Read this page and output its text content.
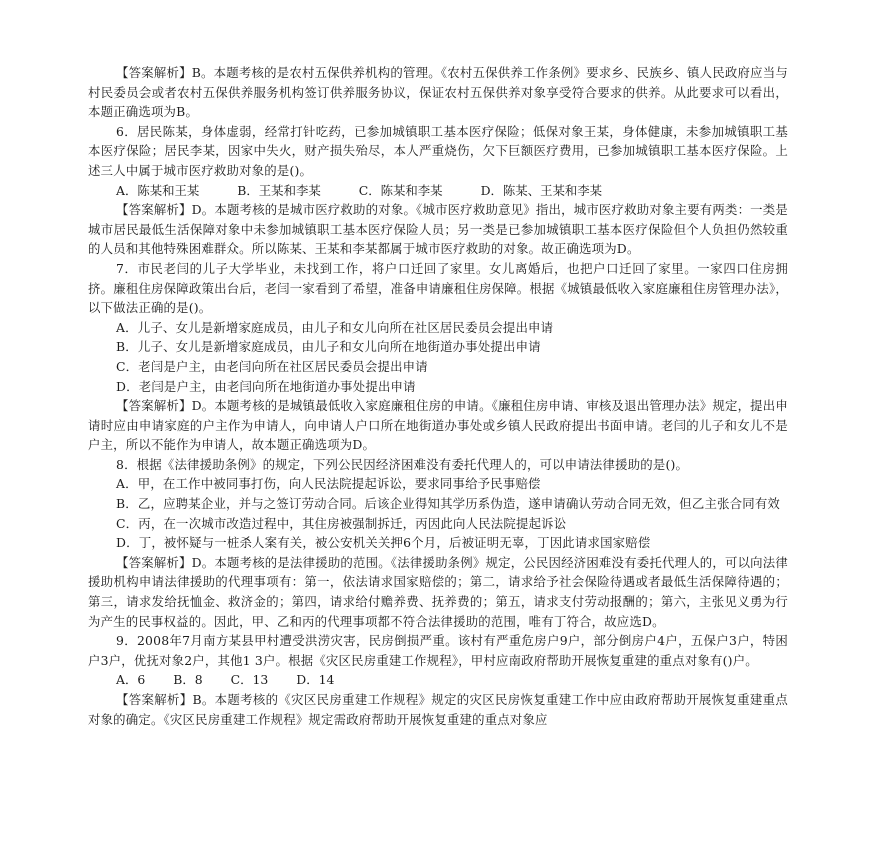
【答案解析】B。本题考核的是农村五保供养机构的管理。《农村五保供养工作条例》要求乡、民族乡、镇人民政府应当与村民委员会或者农村五保供养服务机构签订供养服务协议，保证农村五保供养对象享受符合要求的供养。从此要求可以看出，本题正确选项为B。

6．居民陈某，身体虚弱，经常打针吃药，已参加城镇职工基本医疗保险；低保对象王某，身体健康，未参加城镇职工基本医疗保险；居民李某，因家中失火，财产损失殆尽，本人严重烧伤，欠下巨额医疗费用，已参加城镇职工基本医疗保险。上述三人中属于城市医疗救助对象的是()。

A．陈某和王某	B．王某和李某	C．陈某和李某	D．陈某、王某和李某

【答案解析】D。本题考核的是城市医疗救助的对象。《城市医疗救助意见》指出，城市医疗救助对象主要有两类：一类是城市居民最低生活保障对象中未参加城镇职工基本医疗保险人员；另一类是已参加城镇职工基本医疗保险但个人负担仍然较重的人员和其他特殊困难群众。所以陈某、王某和李某都属于城市医疗救助的对象。故正确选项为D。

7．市民老闫的儿子大学毕业，未找到工作，将户口迁回了家里。女儿离婚后，也把户口迁回了家里。一家四口住房拥挤。廉租住房保障政策出台后，老闫一家看到了希望，准备申请廉租住房保障。根据《城镇最低收入家庭廉租住房管理办法》，以下做法正确的是()。

A．儿子、女儿是新增家庭成员，由儿子和女儿向所在社区居民委员会提出申请

B．儿子、女儿是新增家庭成员，由儿子和女儿向所在地街道办事处提出申请

C．老闫是户主，由老闫向所在社区居民委员会提出申请

D．老闫是户主，由老闫向所在地街道办事处提出申请

【答案解析】D。本题考核的是城镇最低收入家庭廉租住房的申请。《廉租住房申请、审核及退出管理办法》规定，提出申请时应由申请家庭的户主作为申请人，向申请人户口所在地街道办事处或乡镇人民政府提出书面申请。老闫的儿子和女儿不是户主，所以不能作为申请人，故本题正确选项为D。

8．根据《法律援助条例》的规定，下列公民因经济困难没有委托代理人的，可以申请法律援助的是()。

A．甲，在工作中被同事打伤，向人民法院提起诉讼，要求同事给予民事赔偿

B．乙，应聘某企业，并与之签订劳动合同。后该企业得知其学历系伪造，遂申请确认劳动合同无效，但乙主张合同有效

C．丙，在一次城市改造过程中，其住房被强制拆迁，丙因此向人民法院提起诉讼

D．丁，被怀疑与一桩杀人案有关，被公安机关关押6个月，后被证明无辜，丁因此请求国家赔偿

【答案解析】D。本题考核的是法律援助的范围。《法律援助条例》规定，公民因经济困难没有委托代理人的，可以向法律援助机构申请法律援助的代理事项有：第一，依法请求国家赔偿的；第二，请求给予社会保险待遇或者最低生活保障待遇的；第三，请求发给抚恤金、救济金的；第四，请求给付赡养费、抚养费的；第五，请求支付劳动报酬的；第六，主张见义勇为行为产生的民事权益的。因此，甲、乙和丙的代理事项都不符合法律援助的范围，唯有丁符合，故应选D。

9．2008年7月南方某县甲村遭受洪涝灾害，民房倒损严重。该村有严重危房户9户，部分倒房户4户，五保户3户，特困户3户，优抚对象2户，其他1 3户。根据《灾区民房重建工作规程》，甲村应南政府帮助开展恢复重建的重点对象有()户。

A．6 B．8 C．13 D．14

【答案解析】B。本题考核的《灾区民房重建工作规程》规定的灾区民房恢复重建工作中应由政府帮助开展恢复重建重点对象的确定。《灾区民房重建工作规程》规定需政府帮助开展恢复重建的重点对象应
